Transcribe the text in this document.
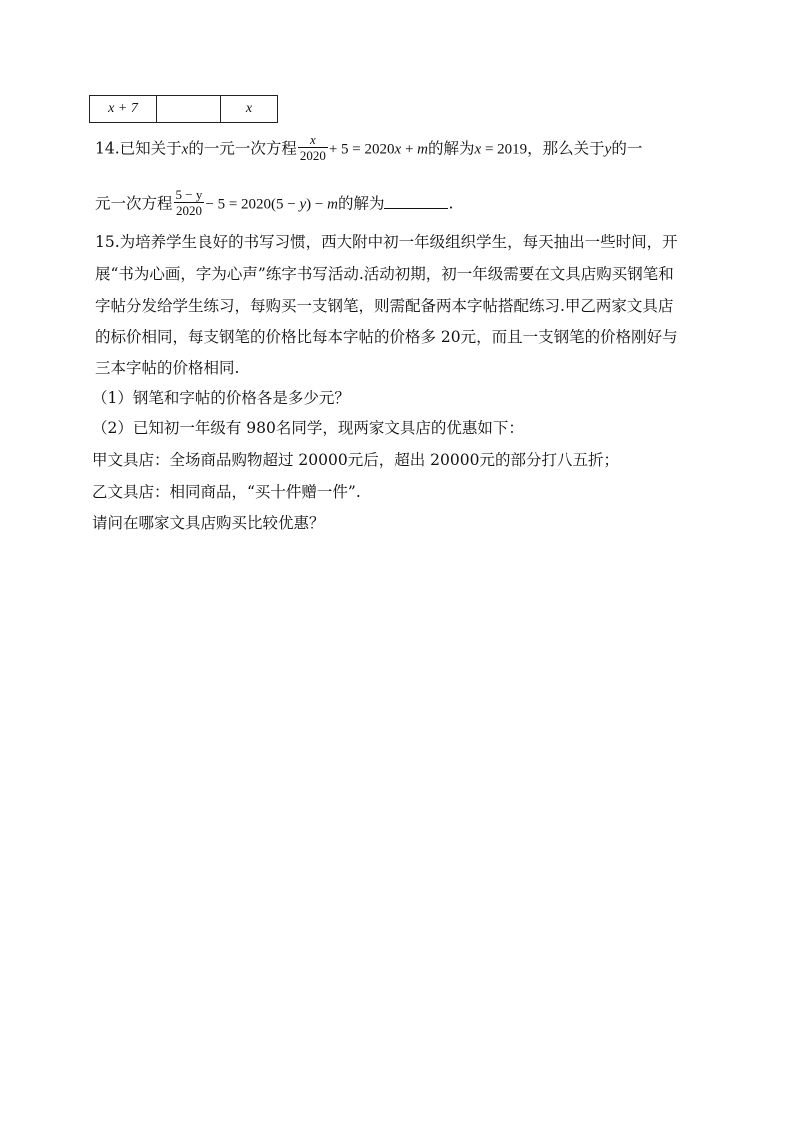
x + 7		x
14.已知关于x的一元一次方程 $\frac{x}{2020} + 5 = 2020x + m$的解为x = 2019，那么关于y的一
元一次方程 $\frac{5 - y}{2020} - 5 = 2020(5 - y) - m$的解为	.
15.为培养学生良好的书写习惯，西大附中初一年级组织学生，每天抽出一些时间，开
展“书为心画，字为心声”练字书写活动.活动初期，初一年级需要在文具店购买钢笔和
字帖分发给学生练习，每购买一支钢笔，则需配备两本字帖搭配练习.甲乙两家文具店
的标价相同，每支钢笔的价格比每本字帖的价格多 20元，而且一支钢笔的价格刚好与
三本字帖的价格相同.
（1）钢笔和字帖的价格各是多少元？
（2）已知初一年级有 980名同学，现两家文具店的优惠如下：
甲文具店：全场商品购物超过 20000元后，超出 20000元的部分打八五折；
乙文具店：相同商品，“买十件赠一件”.
请问在哪家文具店购买比较优惠？
